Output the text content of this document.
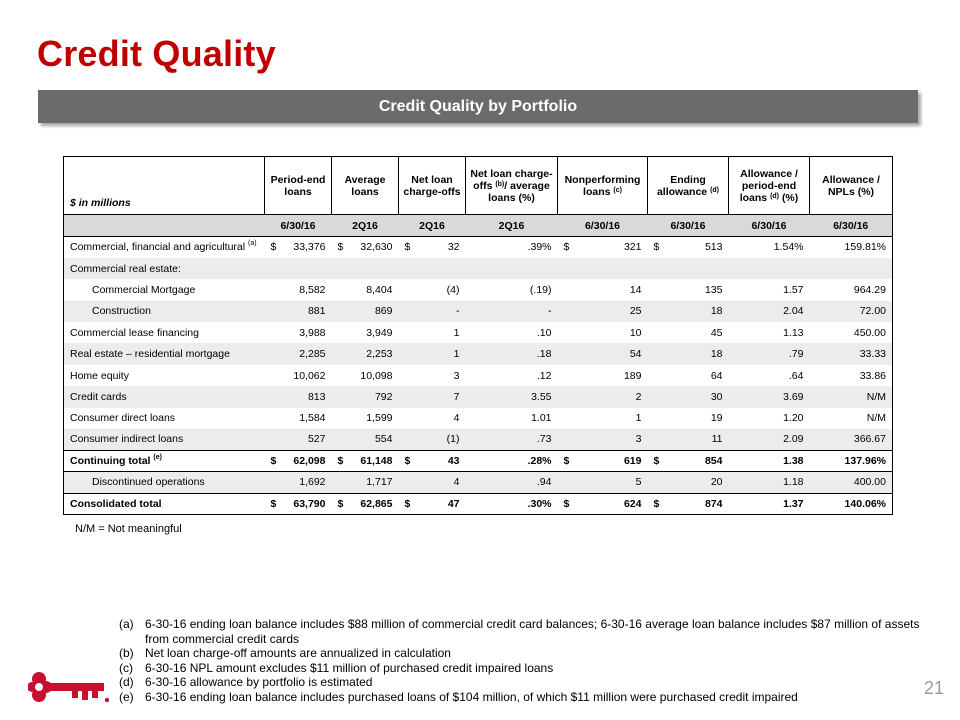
Credit Quality
Credit Quality by Portfolio
$ in millions	Period-end loans	Average loans	Net loan charge-offs	Net loan charge-offs $^{(b)}$/ average loans (%)	Nonperforming loans $^{(c)}$	Ending allowance $^{(d)}$	Allowance / period-end loans $^{(d)}$ (%)	Allowance / NPLs (%)
	6/30/16	2Q16	2Q16	2Q16	6/30/16	6/30/16	6/30/16	6/30/16
Commercial, financial and agricultural $^{(a)}$	$ 33,376	$ 32,630	$ 32	.39%	$ 321	$ 513	1.54%	159.81%
Commercial real estate:								
Commercial Mortgage	8,582	8,404	(4)	(.19)	14	135	1.57	964.29
Construction	881	869	-	-	25	18	2.04	72.00
Commercial lease financing	3,988	3,949	1	.10	10	45	1.13	450.00
Real estate – residential mortgage	2,285	2,253	1	.18	54	18	.79	33.33
Home equity	10,062	10,098	3	.12	189	64	.64	33.86
Credit cards	813	792	7	3.55	2	30	3.69	N/M
Consumer direct loans	1,584	1,599	4	1.01	1	19	1.20	N/M
Consumer indirect loans	527	554	(1)	.73	3	11	2.09	366.67
Continuing total $^{(e)}$	$ 62,098	$ 61,148	$ 43	.28%	$ 619	$ 854	1.38	137.96%
Discontinued operations	1,692	1,717	4	.94	5	20	1.18	400.00
Consolidated total	$ 63,790	$ 62,865	$ 47	.30%	$ 624	$ 874	1.37	140.06%
N/M = Not meaningful
(a) 6-30-16 ending loan balance includes $88 million of commercial credit card balances; 6-30-16 average loan balance includes $87 million of assets from commercial credit cards
(b) Net loan charge-off amounts are annualized in calculation
(c)	6-30-16 NPL amount excludes $11 million of purchased credit impaired loans
(d) 6-30-16 allowance by portfolio is estimated
(e) 6-30-16 ending loan balance includes purchased loans of $104 million, of which $11 million were purchased credit impaired	21
